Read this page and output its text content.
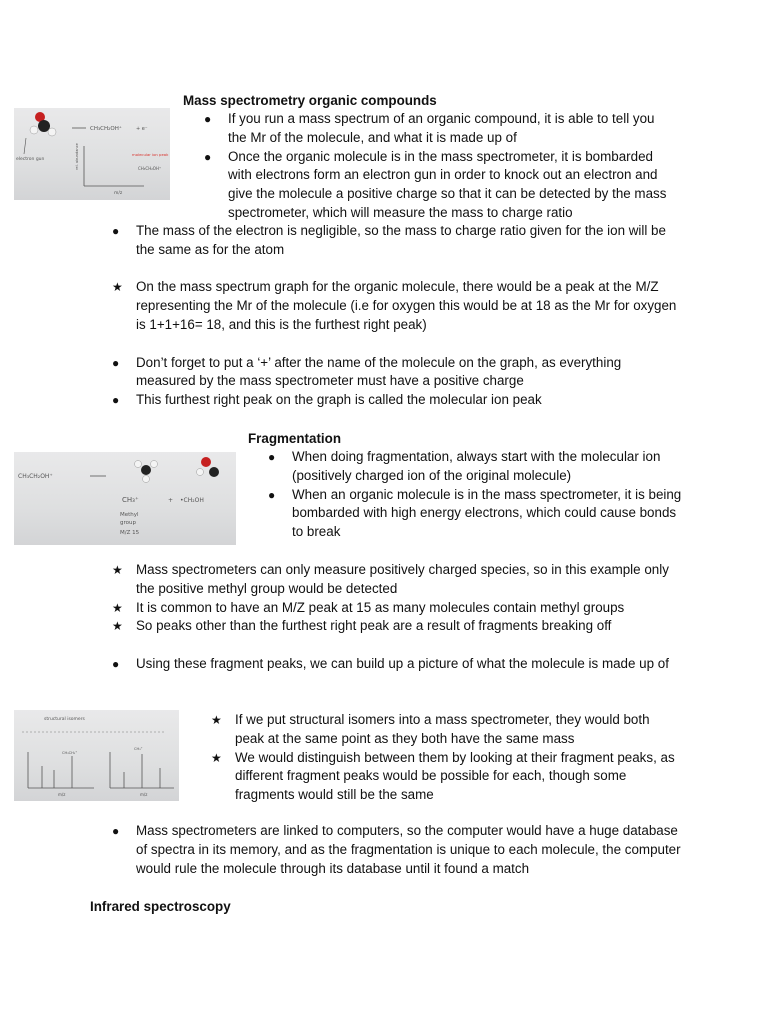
CH₃CH₂OH⁺	+ e⁻
electron gun	rel. abundance
m/z
molecular ion peak
CH₃CH₂OH⁺
Mass spectrometry organic compounds
●	If you run a mass spectrum of an organic compound, it is able to tell you the Mr of the molecule, and what it is made up of
●	Once the organic molecule is in the mass spectrometer, it is bombarded with electrons form an electron gun in order to knock out an electron and give the molecule a positive charge so that it can be detected by the mass spectrometer, which will measure the mass to charge ratio
●	The mass of the electron is negligible, so the mass to charge ratio given for the ion will be the same as for the atom
★ On the mass spectrum graph for the organic molecule, there would be a peak at the M/Z representing the Mr of the molecule (i.e for oxygen this would be at 18 as the Mr for oxygen is 1+1+16= 18, and this is the furthest right peak)
●	Don’t forget to put a ‘+’ after the name of the molecule on the graph, as everything measured by the mass spectrometer must have a positive charge
●	This furthest right peak on the graph is called the molecular ion peak
Fragmentation
CH₃CH₂OH⁺
CH₃⁺	+ •CH₂OH
Methyl
group
M/Z 15
●	When doing fragmentation, always start with the molecular ion (positively charged ion of the original molecule)
●	When an organic molecule is in the mass spectrometer, it is being bombarded with high energy electrons, which could cause bonds to break
★ Mass spectrometers can only measure positively charged species, so in this example only the positive methyl group would be detected
★ It is common to have an M/Z peak at 15 as many molecules contain methyl groups
★ So peaks other than the furthest right peak are a result of fragments breaking off
●	Using these fragment peaks, we can build up a picture of what the molecule is made up of
structural isomers
CH₃CH₂⁺
m/z
CH₃⁺
m/z
★ If we put structural isomers into a mass spectrometer, they would both peak at the same point as they both have the same mass
★ We would distinguish between them by looking at their fragment peaks, as different fragment peaks would be possible for each, though some fragments would still be the same
●	Mass spectrometers are linked to computers, so the computer would have a huge database of spectra in its memory, and as the fragmentation is unique to each molecule, the computer would rule the molecule through its database until it found a match
Infrared spectroscopy
